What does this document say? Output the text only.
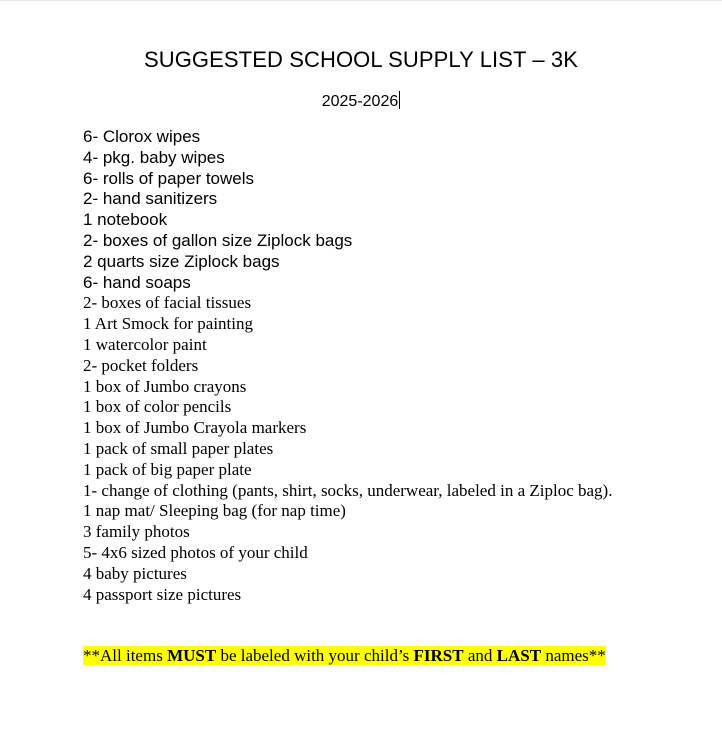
SUGGESTED SCHOOL SUPPLY LIST – 3K
2025-2026
6- Clorox wipes
4- pkg. baby wipes
6- rolls of paper towels
2- hand sanitizers
1 notebook
2- boxes of gallon size Ziplock bags
2 quarts size Ziplock bags
6- hand soaps
2- boxes of facial tissues
1 Art Smock for painting
1 watercolor paint
2- pocket folders
1 box of Jumbo crayons
1 box of color pencils
1 box of Jumbo Crayola markers
1 pack of small paper plates
1 pack of big paper plate
1- change of clothing (pants, shirt, socks, underwear, labeled in a Ziploc bag).
1 nap mat/ Sleeping bag (for nap time)
3 family photos
5- 4x6 sized photos of your child
4 baby pictures
4 passport size pictures
**All items MUST be labeled with your child’s FIRST and LAST names**
